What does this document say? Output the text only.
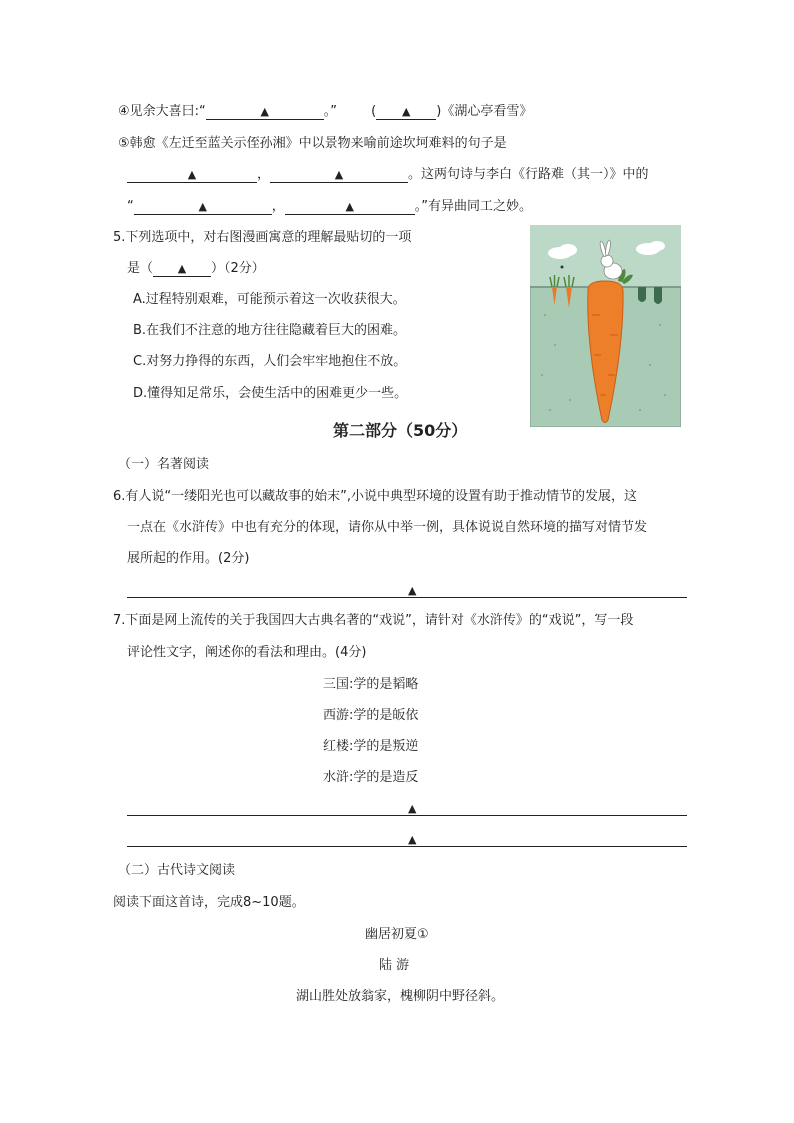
④见余大喜曰:“	▲	。”	( ▲ )《湖心亭看雪》
⑤韩愈《左迁至蓝关示侄孙湘》中以景物来喻前途坎坷难料的句子是
▲	，	▲	。这两句诗与李白《行路难（其一）》中的
“	▲	，	▲	。”有异曲同工之妙。
5.下列选项中，对右图漫画寓意的理解最贴切的一项
是（ ▲ ）（2分）
A.过程特别艰难，可能预示着这一次收获很大。
B.在我们不注意的地方往往隐藏着巨大的困难。
C.对努力挣得的东西，人们会牢牢地抱住不放。
D.懂得知足常乐，会使生活中的困难更少一些。
第二部分（50分）
（一）名著阅读
6.有人说“一缕阳光也可以藏故事的始末”,小说中典型环境的设置有助于推动情节的发展，这
一点在《水浒传》中也有充分的体现，请你从中举一例，具体说说自然环境的描写对情节发
展所起的作用。(2分)
▲
7.下面是网上流传的关于我国四大古典名著的“戏说”，请针对《水浒传》的“戏说”，写一段
评论性文字，阐述你的看法和理由。(4分)
三国:学的是韬略
西游:学的是皈依
红楼:学的是叛逆
水浒:学的是造反
▲
▲
（二）古代诗文阅读
阅读下面这首诗，完成8~10题。
幽居初夏①
陆 游
湖山胜处放翁家，槐柳阴中野径斜。
